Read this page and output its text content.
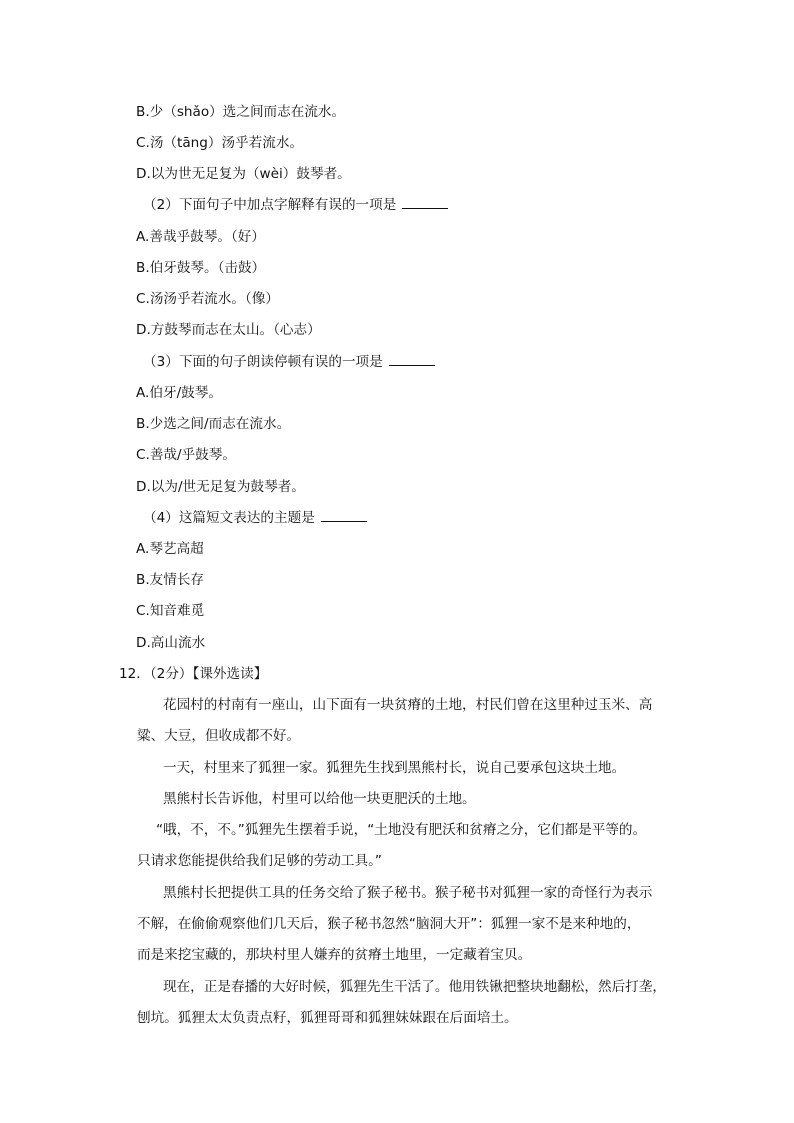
B.少（shǎo）选之间而志在流水。
C.汤（tāng）汤乎若流水。
D.以为世无足复为（wèi）鼓琴者。
（2）下面句子中加点字解释有误的一项是
A.善哉乎鼓琴。（好）
B.伯牙鼓琴。（击鼓）
C.汤汤乎若流水。（像）
D.方鼓琴而志在太山。（心志）
（3）下面的句子朗读停顿有误的一项是
A.伯牙/鼓琴。
B.少选之间/而志在流水。
C.善哉/乎鼓琴。
D.以为/世无足复为鼓琴者。
（4）这篇短文表达的主题是
A.琴艺高超
B.友情长存
C.知音难觅
D.高山流水
12．（2分）【课外选读】
花园村的村南有一座山，山下面有一块贫瘠的土地，村民们曾在这里种过玉米、高
粱、大豆，但收成都不好。
一天，村里来了狐狸一家。狐狸先生找到黑熊村长，说自己要承包这块土地。
黑熊村长告诉他，村里可以给他一块更肥沃的土地。
“哦，不，不。”狐狸先生摆着手说，“土地没有肥沃和贫瘠之分，它们都是平等的。
只请求您能提供给我们足够的劳动工具。”
黑熊村长把提供工具的任务交给了猴子秘书。猴子秘书对狐狸一家的奇怪行为表示
不解，在偷偷观察他们几天后，猴子秘书忽然“脑洞大开”：狐狸一家不是来种地的，
而是来挖宝藏的，那块村里人嫌弃的贫瘠土地里，一定藏着宝贝。
现在，正是春播的大好时候，狐狸先生干活了。他用铁锹把整块地翻松，然后打垄，
刨坑。狐狸太太负责点籽，狐狸哥哥和狐狸妹妹跟在后面培土。
